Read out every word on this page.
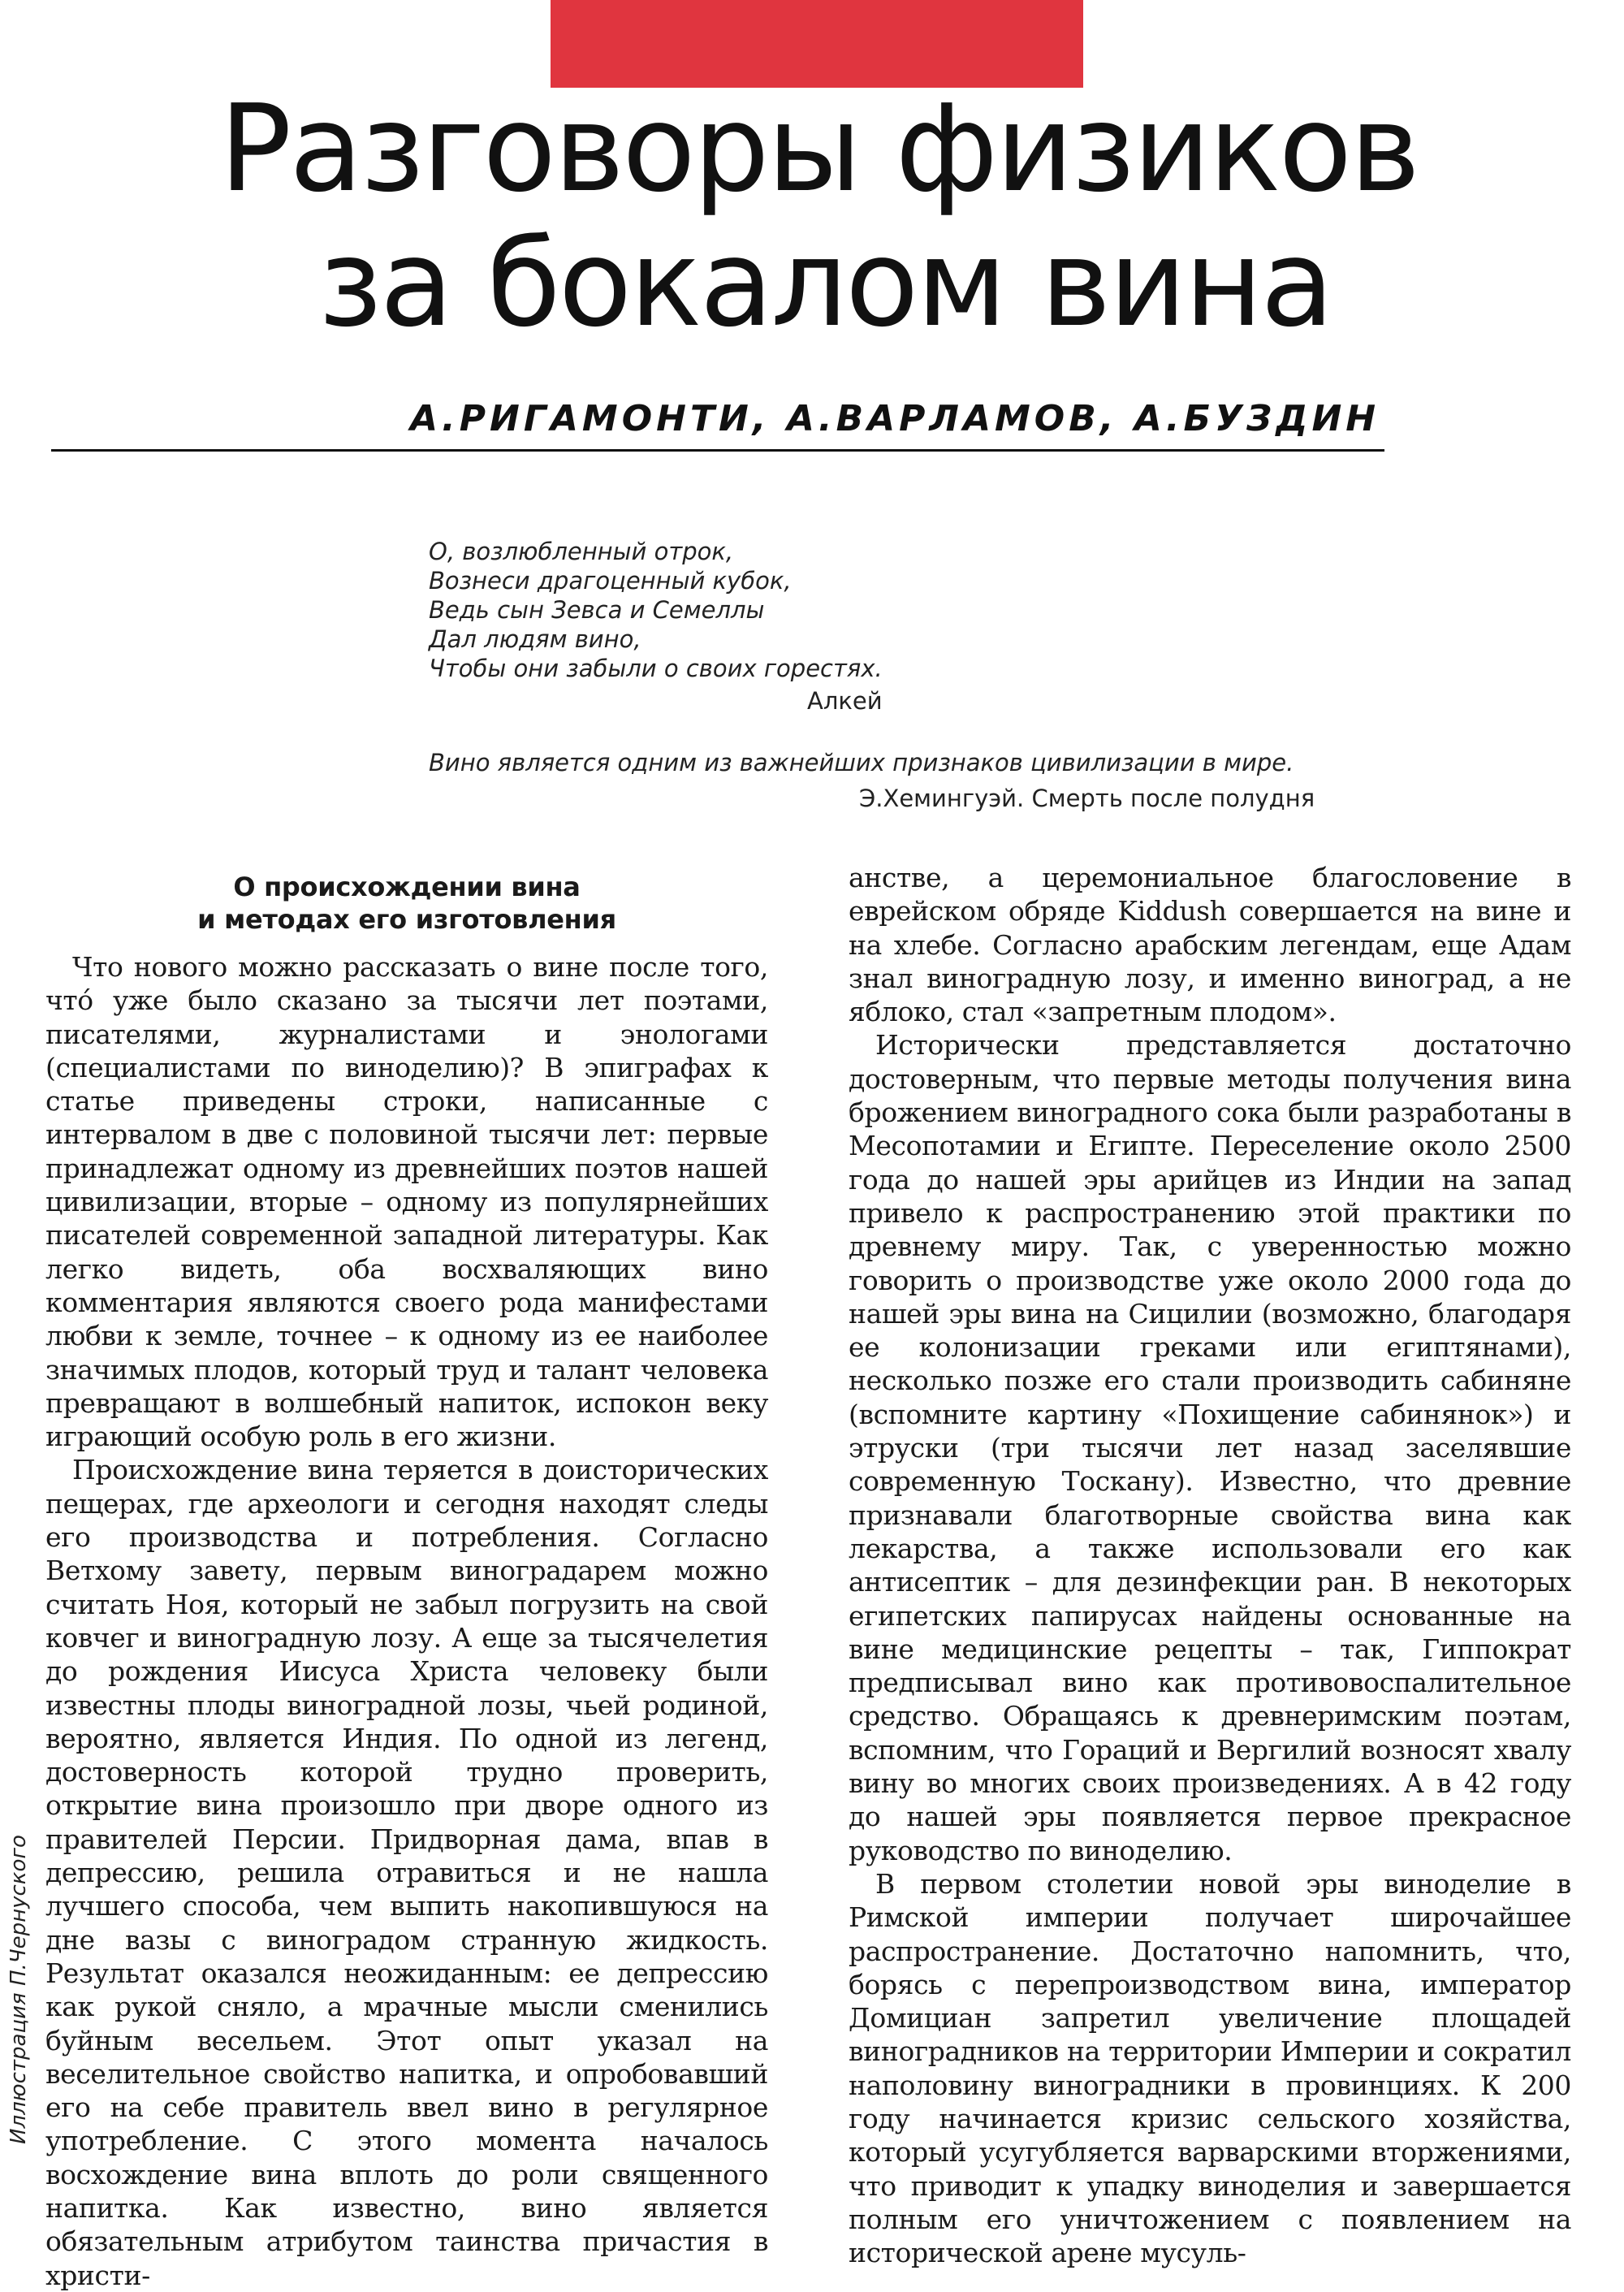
Разговоры физиков
за бокалом вина
А.РИГАМОНТИ, А.ВАРЛАМОВ, А.БУЗДИН
О, возлюбленный отрок,
Вознеси драгоценный кубок,
Ведь сын Зевса и Семеллы
Дал людям вино,
Чтобы они забыли о своих горестях.
Алкей
Вино является одним из важнейших признаков цивилизации в мире.
Э.Хемингуэй. Смерть после полудня
О происхождении вина
и методах его изготовления

Что нового можно рассказать о вине после того, что́ уже было сказано за тысячи лет поэтами, писателями, журналистами и энологами (специалистами по виноделию)? В эпиграфах к статье приведены строки, написанные с интервалом в две с половиной тысячи лет: первые принадлежат одному из древнейших поэтов нашей цивилизации, вторые – одному из популярнейших писателей современной западной литературы. Как легко видеть, оба восхваляющих вино комментария являются своего рода манифестами любви к земле, точнее – к одному из ее наиболее значимых плодов, который труд и талант человека превращают в волшебный напиток, испокон веку играющий особую роль в его жизни.

Происхождение вина теряется в доисторических пещерах, где археологи и сегодня находят следы его производства и потребления. Согласно Ветхому завету, первым виноградарем можно считать Ноя, который не забыл погрузить на свой ковчег и виноградную лозу. А еще за тысячелетия до рождения Иисуса Христа человеку были известны плоды виноградной лозы, чьей родиной, вероятно, является Индия. По одной из легенд, достоверность которой трудно проверить, открытие вина произошло при дворе одного из правителей Персии. Придворная дама, впав в депрессию, решила отравиться и не нашла лучшего способа, чем выпить накопившуюся на дне вазы с виноградом странную жидкость. Результат оказался неожиданным: ее депрессию как рукой сняло, а мрачные мысли сменились буйным весельем. Этот опыт указал на веселительное свойство напитка, и опробовавший его на себе правитель ввел вино в регулярное употребление. С этого момента началось восхождение вина вплоть до роли священного напитка. Как известно, вино является обязательным атрибутом таинства причастия в христи-

анстве, а церемониальное благословение в еврейском обряде Kiddush совершается на вине и на хлебе. Согласно арабским легендам, еще Адам знал виноградную лозу, и именно виноград, а не яблоко, стал «запретным плодом».

Исторически представляется достаточно достоверным, что первые методы получения вина брожением виноградного сока были разработаны в Месопотамии и Египте. Переселение около 2500 года до нашей эры арийцев из Индии на запад привело к распространению этой практики по древнему миру. Так, с уверенностью можно говорить о производстве уже около 2000 года до нашей эры вина на Сицилии (возможно, благодаря ее колонизации греками или египтянами), несколько позже его стали производить сабиняне (вспомните картину «Похищение сабинянок») и этруски (три тысячи лет назад заселявшие современную Тоскану). Известно, что древние признавали благотворные свойства вина как лекарства, а также использовали его как антисептик – для дезинфекции ран. В некоторых египетских папирусах найдены основанные на вине медицинские рецепты – так, Гиппократ предписывал вино как противовоспалительное средство. Обращаясь к древнеримским поэтам, вспомним, что Гораций и Вергилий возносят хвалу вину во многих своих произведениях. А в 42 году до нашей эры появляется первое прекрасное руководство по виноделию.

В первом столетии новой эры виноделие в Римской империи получает широчайшее распространение. Достаточно напомнить, что, борясь с перепроизводством вина, император Домициан запретил увеличение площадей виноградников на территории Империи и сократил наполовину виноградники в провинциях. К 200 году начинается кризис сельского хозяйства, который усугубляется варварскими вторжениями, что приводит к упадку виноделия и завершается полным его уничтожением с появлением на исторической арене мусуль-

Иллюстрация П.Чернускогo
